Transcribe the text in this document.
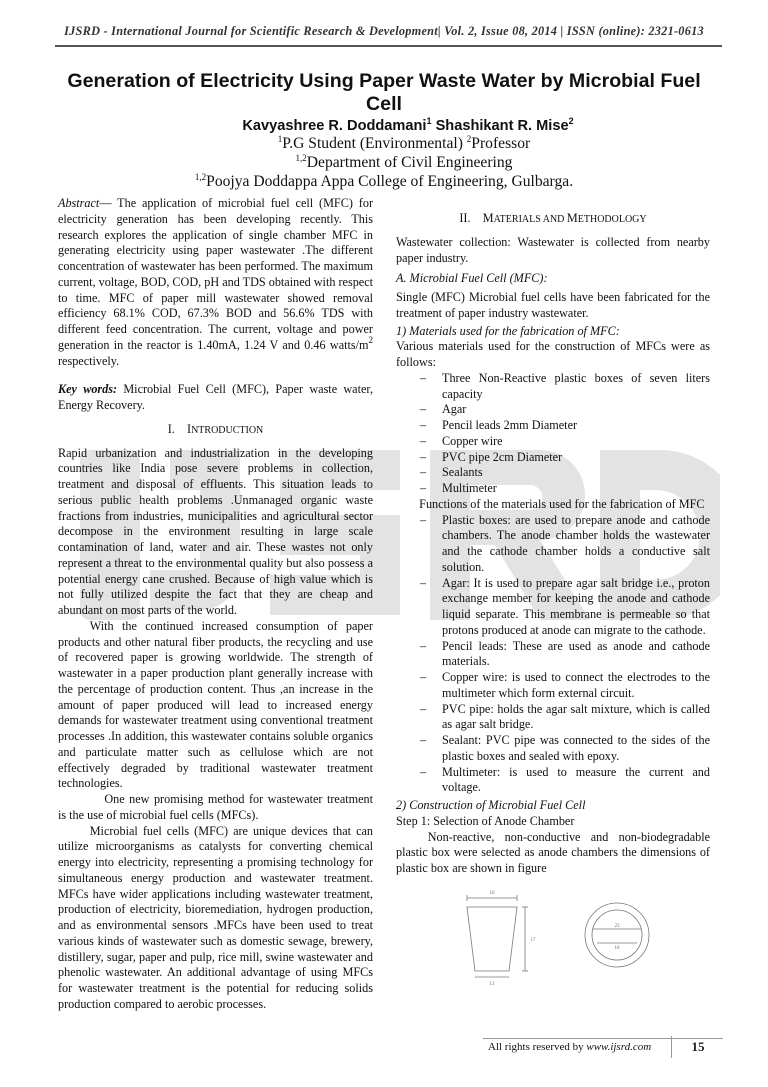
IJSRD - International Journal for Scientific Research & Development| Vol. 2, Issue 08, 2014 | ISSN (online): 2321-0613
Generation of Electricity Using Paper Waste Water by Microbial Fuel Cell
Kavyashree R. Doddamani$^1$ Shashikant R. Mise$^2$
$^1$P.G Student (Environmental) $^2$Professor
$^{1,2}$Department of Civil Engineering
$^{1,2}$Poojya Doddappa Appa College of Engineering, Gulbarga.

Abstract— The application of microbial fuel cell (MFC) for electricity generation has been developing recently. This research explores the application of single chamber MFC in generating electricity using paper wastewater .The different concentration of wastewater has been performed. The maximum current, voltage, BOD, COD, pH and TDS obtained with respect to time. MFC of paper mill wastewater showed removal efficiency 68.1% COD, 67.3% BOD and 56.6% TDS with different feed concentration. The current, voltage and power generation in the reactor is 1.40mA, 1.24 V and 0.46 watts/$m^2$ respectively.

Key words: Microbial Fuel Cell (MFC), Paper waste water, Energy Recovery.

I. INTRODUCTION

Rapid urbanization and industrialization in the developing countries like India pose severe problems in collection, treatment and disposal of effluents. This situation leads to serious public health problems .Unmanaged organic waste fractions from industries, municipalities and agricultural sector decompose in the environment resulting in large scale contamination of land, water and air. These wastes not only represent a threat to the environmental quality but also possess a potential energy cane crushed. Because of high value which is not fully utilized despite the fact that they are cheap and abundant on most parts of the world.

With the continued increased consumption of paper products and other natural fiber products, the recycling and use of recovered paper is growing worldwide. The strength of wastewater in a paper production plant generally increase with the percentage of production content. Thus ,an increase in the amount of paper produced will lead to increased energy demands for wastewater treatment using conventional treatment processes .In addition, this wastewater contains soluble organics and particulate matter such as cellulose which are not effectively degraded by traditional wastewater treatment technologies.

One new promising method for wastewater treatment is the use of microbial fuel cells (MFCs).

Microbial fuel cells (MFC) are unique devices that can utilize microorganisms as catalysts for converting chemical energy into electricity, representing a promising technology for simultaneous energy production and wastewater treatment. MFCs have wider applications including wastewater treatment, production of electricity, bioremediation, hydrogen production, and as environmental sensors .MFCs have been used to treat various kinds of wastewater such as domestic sewage, brewery, distillery, sugar, paper and pulp, rice mill, swine wastewater and phenolic wastewater. An additional advantage of using MFCs for wastewater treatment is the potential for reducing solids production compared to aerobic processes.

II. MATERIALS AND METHODOLOGY

Wastewater collection: Wastewater is collected from nearby paper industry.

A. Microbial Fuel Cell (MFC):

Single (MFC) Microbial fuel cells have been fabricated for the treatment of paper industry wastewater.

1) Materials used for the fabrication of MFC:

Various materials used for the construction of MFCs were as follows:

– Three Non-Reactive plastic boxes of seven liters capacity
– Agar
– Pencil leads 2mm Diameter
– Copper wire
– PVC pipe 2cm Diameter
– Sealants
– Multimeter

Functions of the materials used for the fabrication of MFC

– Plastic boxes: are used to prepare anode and cathode chambers. The anode chamber holds the wastewater and the cathode chamber holds a conductive salt solution.
– Agar: It is used to prepare agar salt bridge i.e., proton exchange member for keeping the anode and cathode liquid separate. This membrane is permeable so that protons produced at anode can migrate to the cathode.
– Pencil leads: These are used as anode and cathode materials.
– Copper wire: is used to connect the electrodes to the multimeter which form external circuit.
– PVC pipe: holds the agar salt mixture, which is called as agar salt bridge.
– Sealant: PVC pipe was connected to the sides of the plastic boxes and sealed with epoxy.
– Multimeter: is used to measure the current and voltage.

2) Construction of Microbial Fuel Cell

Step 1: Selection of Anode Chamber

Non-reactive, non-conductive and non-biodegradable plastic box were selected as anode chambers the dimensions of plastic box are shown in figure

16
17
13
23
16
All rights reserved by www.ijsrd.com	15
